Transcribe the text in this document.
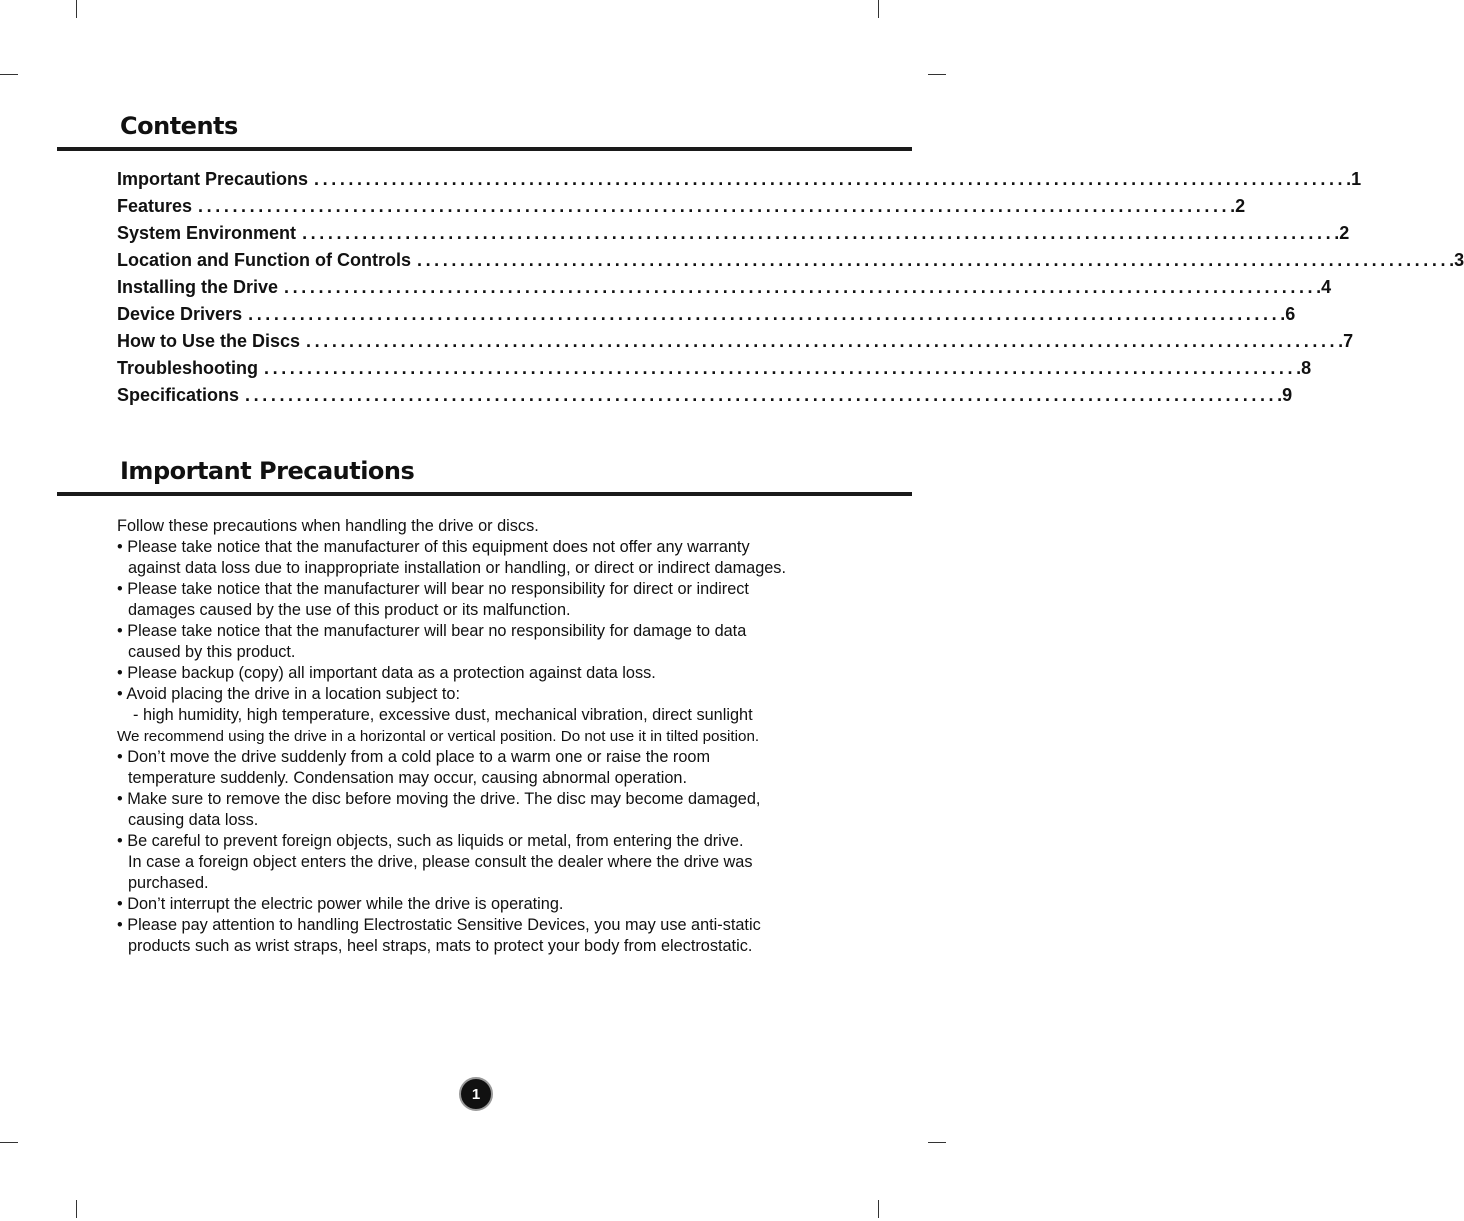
Contents
Important Precautions ........................................................................................................................ .1
Features ........................................................................................................................ .2
System Environment ........................................................................................................................ .2
Location and Function of Controls ........................................................................................................................ .3
Installing the Drive ........................................................................................................................ .4
Device Drivers ........................................................................................................................ .6
How to Use the Discs ........................................................................................................................ .7
Troubleshooting ........................................................................................................................ .8
Specifications ........................................................................................................................ .9
Important Precautions
Follow these precautions when handling the drive or discs.
• Please take notice that the manufacturer of this equipment does not offer any warranty
against data loss due to inappropriate installation or handling, or direct or indirect damages.
• Please take notice that the manufacturer will bear no responsibility for direct or indirect
damages caused by the use of this product or its malfunction.
• Please take notice that the manufacturer will bear no responsibility for damage to data
caused by this product.
• Please backup (copy) all important data as a protection against data loss.
• Avoid placing the drive in a location subject to:
- high humidity, high temperature, excessive dust, mechanical vibration, direct sunlight
We recommend using the drive in a horizontal or vertical position. Do not use it in tilted position.
• Don’t move the drive suddenly from a cold place to a warm one or raise the room
temperature suddenly. Condensation may occur, causing abnormal operation.
• Make sure to remove the disc before moving the drive. The disc may become damaged,
causing data loss.
• Be careful to prevent foreign objects, such as liquids or metal, from entering the drive.
In case a foreign object enters the drive, please consult the dealer where the drive was
purchased.
• Don’t interrupt the electric power while the drive is operating.
• Please pay attention to handling Electrostatic Sensitive Devices, you may use anti-static
products such as wrist straps, heel straps, mats to protect your body from electrostatic.
1
